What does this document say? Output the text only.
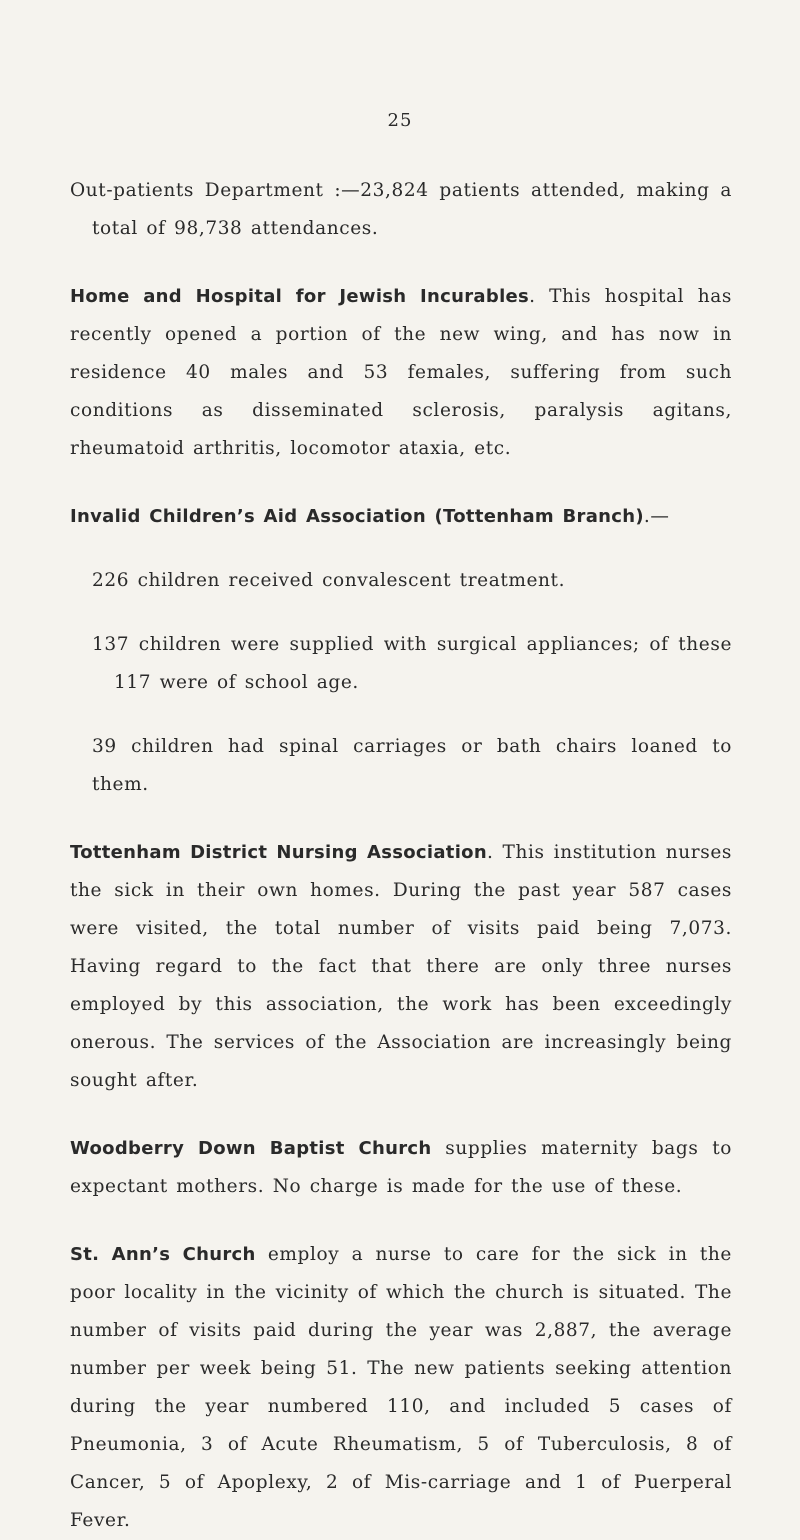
25

Out-patients Department :—23,824 patients attended, making a total of 98,738 attendances.

Home and Hospital for Jewish Incurables. This hospital has recently opened a portion of the new wing, and has now in residence 40 males and 53 females, suffering from such conditions as disseminated sclerosis, paralysis agitans, rheumatoid arthritis, locomotor ataxia, etc.

Invalid Children’s Aid Association (Tottenham Branch).—

226 children received convalescent treatment.

137 children were supplied with surgical appliances; of these 117 were of school age.

39 children had spinal carriages or bath chairs loaned to them.

Tottenham District Nursing Association. This institution nurses the sick in their own homes. During the past year 587 cases were visited, the total number of visits paid being 7,073. Having regard to the fact that there are only three nurses employed by this association, the work has been exceedingly onerous. The services of the Association are increasingly being sought after.

Woodberry Down Baptist Church supplies maternity bags to expectant mothers. No charge is made for the use of these.

St. Ann’s Church employ a nurse to care for the sick in the poor locality in the vicinity of which the church is situated. The number of visits paid during the year was 2,887, the average number per week being 51. The new patients seeking attention during the year numbered 110, and included 5 cases of Pneumonia, 3 of Acute Rheumatism, 5 of Tuberculosis, 8 of Cancer, 5 of Apoplexy, 2 of Mis-carriage and 1 of Puerperal Fever.
